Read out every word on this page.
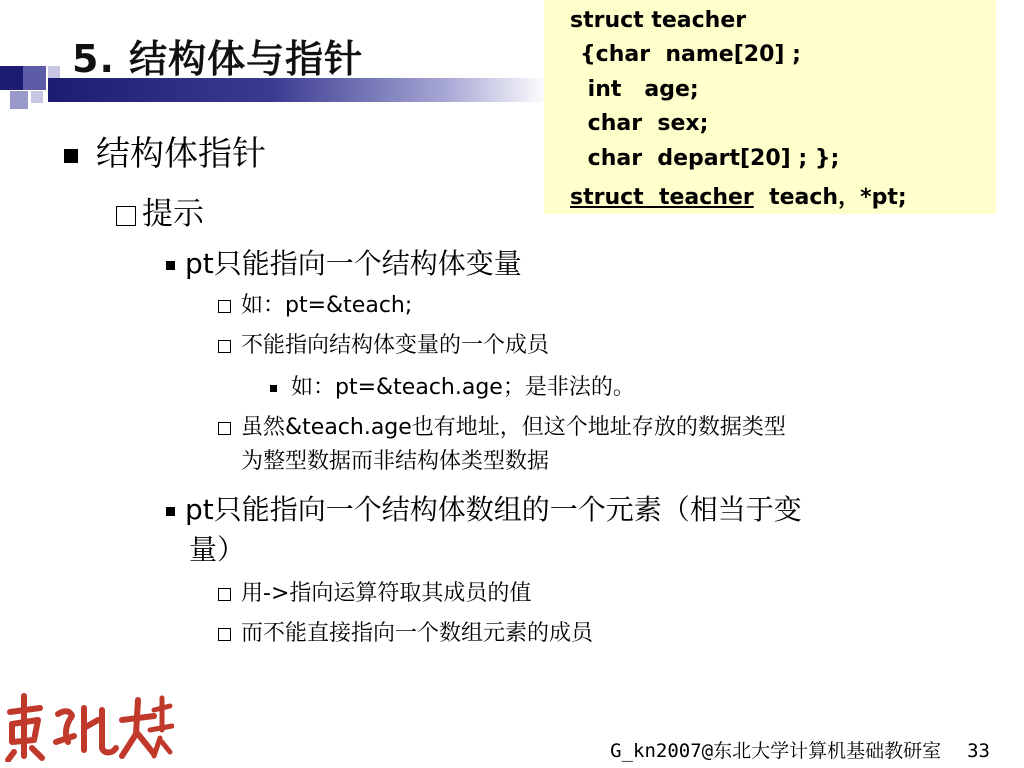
5. 结构体与指针
struct teacher
{char  name[20] ;
int   age;
char  sex;
char  depart[20] ; };
struct  teacher  teach，*pt;
结构体指针
提示
pt只能指向一个结构体变量
如：pt=&teach;
不能指向结构体变量的一个成员
如：pt=&teach.age；是非法的。
虽然&teach.age也有地址，但这个地址存放的数据类型
为整型数据而非结构体类型数据
pt只能指向一个结构体数组的一个元素（相当于变
量）
用->指向运算符取其成员的值
而不能直接指向一个数组元素的成员
G_kn2007@东北大学计算机基础教研室 33
